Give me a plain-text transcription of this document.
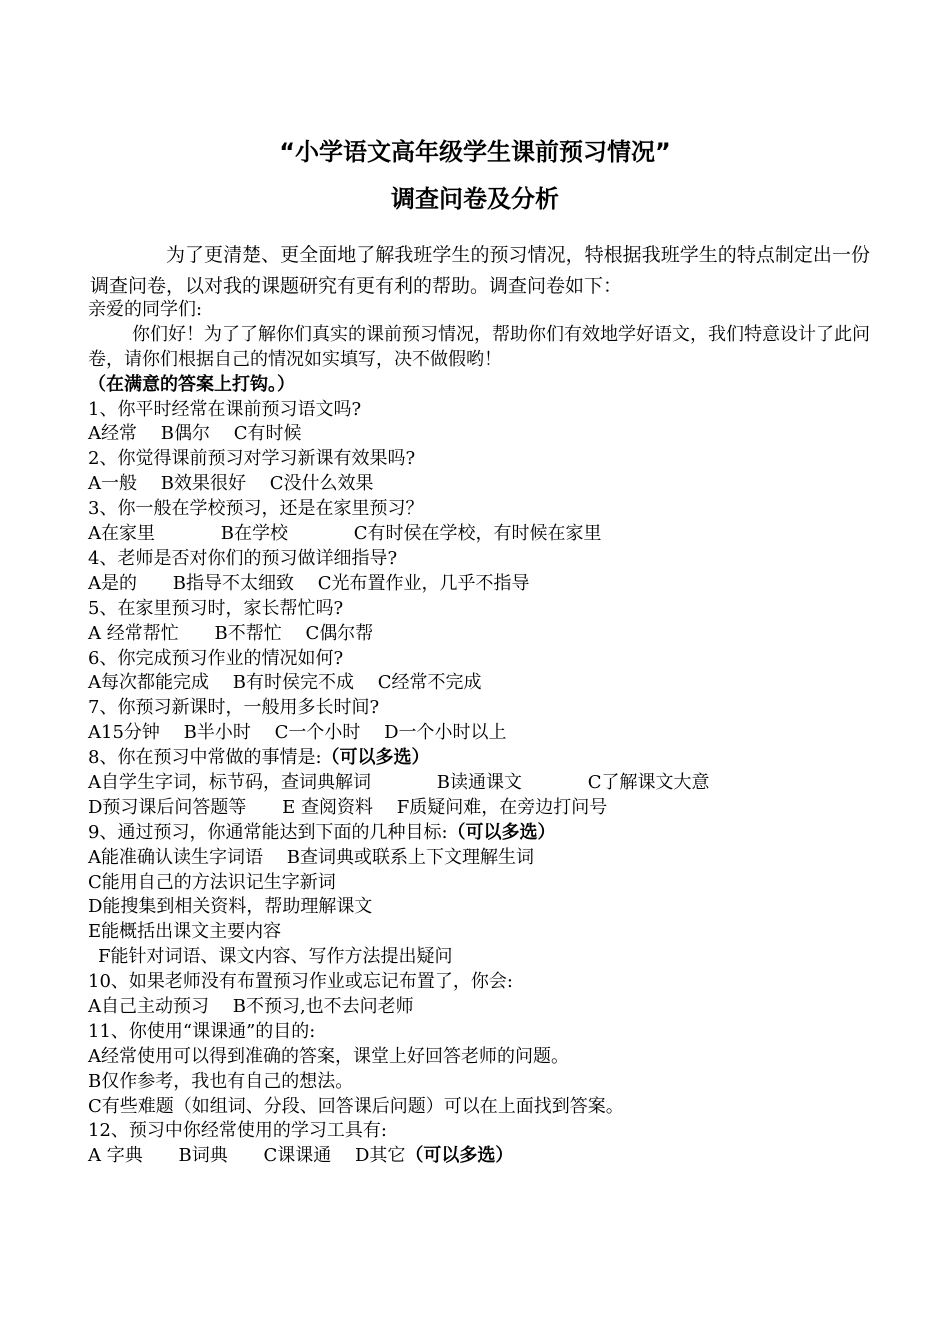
“小学语文高年级学生课前预习情况”
调查问卷及分析
为了更清楚、更全面地了解我班学生的预习情况，特根据我班学生的特点制定出一份调查问卷，以对我的课题研究有更有利的帮助。调查问卷如下：
亲爱的同学们:
你们好！为了了解你们真实的课前预习情况，帮助你们有效地学好语文，我们特意设计了此问卷，请你们根据自己的情况如实填写，决不做假哟！
（在满意的答案上打钩。）
1、你平时经常在课前预习语文吗?
A经常 B偶尔 C有时候
2、你觉得课前预习对学习新课有效果吗?
A一般 B效果很好 C没什么效果
3、你一般在学校预习，还是在家里预习？
A在家里	B在学校	C有时侯在学校，有时候在家里
4、老师是否对你们的预习做详细指导?
A是的 B指导不太细致 C光布置作业，几乎不指导
5、在家里预习时，家长帮忙吗?
A 经常帮忙 B不帮忙 C偶尔帮
6、你完成预习作业的情况如何?
A每次都能完成 B有时侯完不成 C经常不完成
7、你预习新课时，一般用多长时间?
A15分钟 B半小时 C一个小时 D一个小时以上
8、你在预习中常做的事情是:（可以多选）
A自学生字词，标节码，查词典解词	B读通课文	C了解课文大意
D预习课后问答题等 E 查阅资料 F质疑问难，在旁边打问号
9、通过预习，你通常能达到下面的几种目标:（可以多选）
A能准确认读生字词语 B查词典或联系上下文理解生词
C能用自己的方法识记生字新词
D能搜集到相关资料，帮助理解课文
E能概括出课文主要内容
F能针对词语、课文内容、写作方法提出疑问
10、如果老师没有布置预习作业或忘记布置了，你会:
A自己主动预习 B不预习,也不去问老师
11、你使用“课课通”的目的:
A经常使用可以得到准确的答案，课堂上好回答老师的问题。
B仅作参考，我也有自己的想法。
C有些难题（如组词、分段、回答课后问题）可以在上面找到答案。
12、预习中你经常使用的学习工具有:
A 字典 B词典 C课课通 D其它（可以多选）
